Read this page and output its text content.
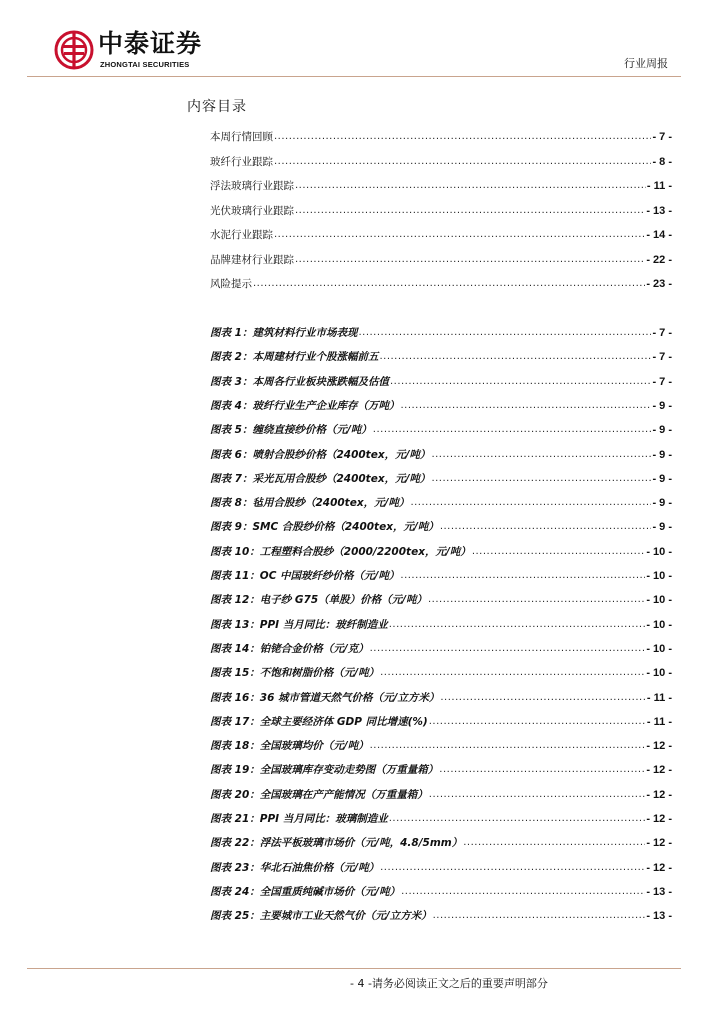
中泰证券
ZHONGTAI SECURITIES	行业周报
内容目录
本周行情回顾 .....	- 7 -
玻纤行业跟踪 .....	- 8 -
浮法玻璃行业跟踪 .....	- 11 -
光伏玻璃行业跟踪 .....	- 13 -
水泥行业跟踪 .....	- 14 -
品牌建材行业跟踪 .....	- 22 -
风险提示 .....	- 23 -
图表 1：建筑材料行业市场表现 .....	- 7 -
图表 2：本周建材行业个股涨幅前五 .....	- 7 -
图表 3：本周各行业板块涨跌幅及估值 .....	- 7 -
图表 4：玻纤行业生产企业库存（万吨） .....	- 9 -
图表 5：缠绕直接纱价格（元/吨） .....	- 9 -
图表 6：喷射合股纱价格（2400tex，元/吨） .....	- 9 -
图表 7：采光瓦用合股纱（2400tex，元/吨） .....	- 9 -
图表 8：毡用合股纱（2400tex，元/吨） .....	- 9 -
图表 9：SMC 合股纱价格（2400tex，元/吨） .....	- 9 -
图表 10：工程塑料合股纱（2000/2200tex，元/吨） .....	- 10 -
图表 11：OC 中国玻纤纱价格（元/吨） .....	- 10 -
图表 12：电子纱 G75（单股）价格（元/吨） .....	- 10 -
图表 13：PPI 当月同比：玻纤制造业 .....	- 10 -
图表 14：铂铑合金价格（元/克） .....	- 10 -
图表 15：不饱和树脂价格（元/吨） .....	- 10 -
图表 16：36 城市管道天然气价格（元/立方米） .....	- 11 -
图表 17：全球主要经济体 GDP 同比增速(%) .....	- 11 -
图表 18：全国玻璃均价（元/吨） .....	- 12 -
图表 19：全国玻璃库存变动走势图（万重量箱） .....	- 12 -
图表 20：全国玻璃在产产能情况（万重量箱） .....	- 12 -
图表 21：PPI 当月同比：玻璃制造业 .....	- 12 -
图表 22：浮法平板玻璃市场价（元/吨，4.8/5mm） .....	- 12 -
图表 23：华北石油焦价格（元/吨） .....	- 12 -
图表 24：全国重质纯碱市场价（元/吨） .....	- 13 -
图表 25：主要城市工业天然气价（元/立方米） .....	- 13 -
- 4 -请务必阅读正文之后的重要声明部分
